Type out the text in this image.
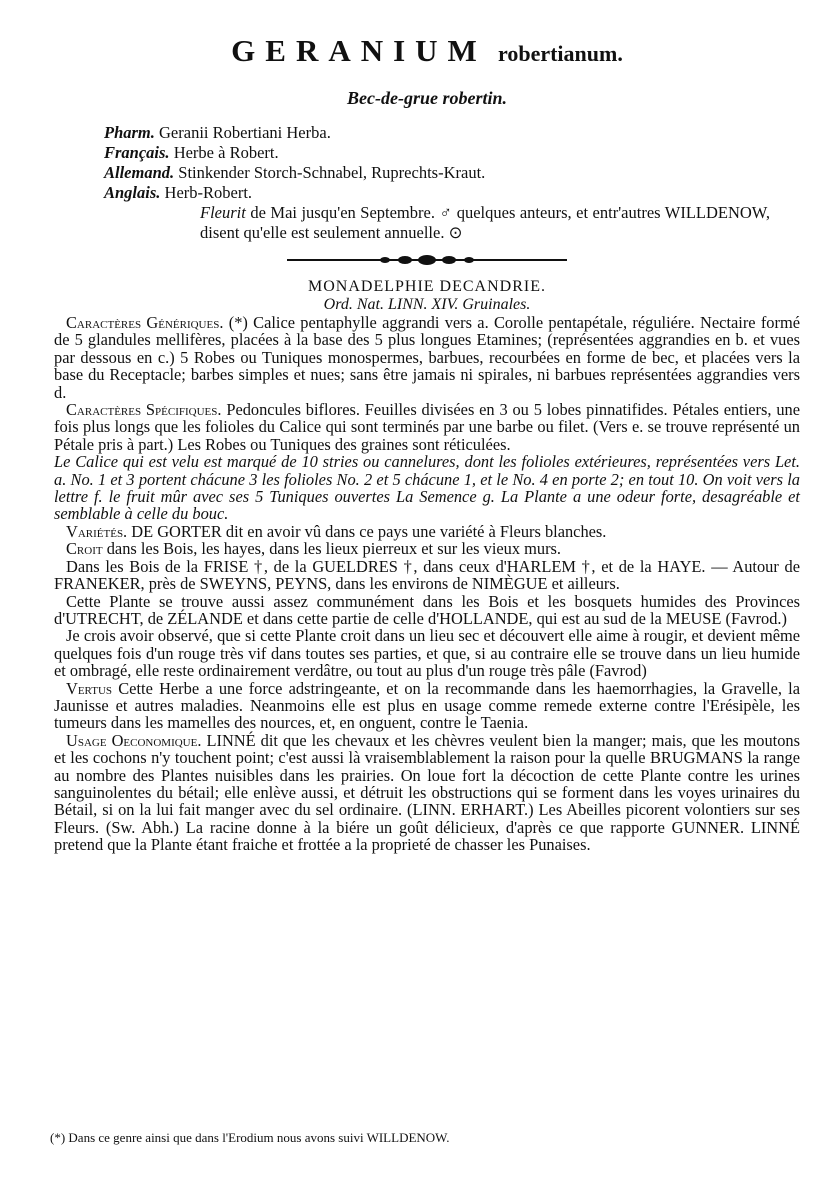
GERANIUM robertianum.
Bec-de-grue robertin.
Pharm. Geranii Robertiani Herba.
Français. Herbe à Robert.
Allemand. Stinkender Storch-Schnabel, Ruprechts-Kraut.
Anglais. Herb-Robert.
Fleurit de Mai jusqu'en Septembre. ♂ quelques anteurs, et entr'autres WILLDENOW, disent qu'elle est seulement annuelle. ⊙
MONADELPHIE DECANDRIE.
Ord. Nat. LINN. XIV. Gruinales.

Caractères Génériques. (*) Calice pentaphylle aggrandi vers a. Corolle pentapétale, réguliére. Nectaire formé de 5 glandules mellifères, placées à la base des 5 plus longues Etamines; (représentées aggrandies en b. et vues par dessous en c.) 5 Robes ou Tuniques monospermes, barbues, recourbées en forme de bec, et placées vers la base du Receptacle; barbes simples et nues; sans être jamais ni spirales, ni barbues représentées aggrandies vers d.

Caractères Spécifiques. Pedoncules biflores. Feuilles divisées en 3 ou 5 lobes pinnatifides. Pétales entiers, une fois plus longs que les folioles du Calice qui sont terminés par une barbe ou filet. (Vers e. se trouve représenté un Pétale pris à part.) Les Robes ou Tuniques des graines sont réticulées.

Le Calice qui est velu est marqué de 10 stries ou cannelures, dont les folioles extérieures, représentées vers Let. a. No. 1 et 3 portent chácune 3 les folioles No. 2 et 5 chácune 1, et le No. 4 en porte 2; en tout 10. On voit vers la lettre f. le fruit mûr avec ses 5 Tuniques ouvertes La Semence g. La Plante a une odeur forte, desagréable et semblable à celle du bouc.

Variétés. DE GORTER dit en avoir vû dans ce pays une variété à Fleurs blanches.

Croit dans les Bois, les hayes, dans les lieux pierreux et sur les vieux murs.

Dans les Bois de la FRISE †, de la GUELDRES †, dans ceux d'HARLEM †, et de la HAYE. — Autour de FRANEKER, près de SWEYNS, PEYNS, dans les environs de NIMÈGUE et ailleurs.

Cette Plante se trouve aussi assez communément dans les Bois et les bosquets humides des Provinces d'UTRECHT, de ZÉLANDE et dans cette partie de celle d'HOLLANDE, qui est au sud de la MEUSE (Favrod.)

Je crois avoir observé, que si cette Plante croit dans un lieu sec et découvert elle aime à rougir, et devient même quelques fois d'un rouge très vif dans toutes ses parties, et que, si au contraire elle se trouve dans un lieu humide et ombragé, elle reste ordinairement verdâtre, ou tout au plus d'un rouge très pâle (Favrod)

Vertus Cette Herbe a une force adstringeante, et on la recommande dans les haemorrhagies, la Gravelle, la Jaunisse et autres maladies. Neanmoins elle est plus en usage comme remede externe contre l'Erésipèle, les tumeurs dans les mamelles des nources, et, en onguent, contre le Taenia.

Usage Oeconomique. LINNÉ dit que les chevaux et les chèvres veulent bien la manger; mais, que les moutons et les cochons n'y touchent point; c'est aussi là vraisemblablement la raison pour la quelle BRUGMANS la range au nombre des Plantes nuisibles dans les prairies. On loue fort la décoction de cette Plante contre les urines sanguinolentes du bétail; elle enlève aussi, et détruit les obstructions qui se forment dans les voyes urinaires du Bétail, si on la lui fait manger avec du sel ordinaire. (LINN. ERHART.) Les Abeilles picorent volontiers sur ses Fleurs. (Sw. Abh.) La racine donne à la biére un goût délicieux, d'après ce que rapporte GUNNER. LINNÉ pretend que la Plante étant fraiche et frottée a la proprieté de chasser les Punaises.

(*) Dans ce genre ainsi que dans l'Erodium nous avons suivi WILLDENOW.
